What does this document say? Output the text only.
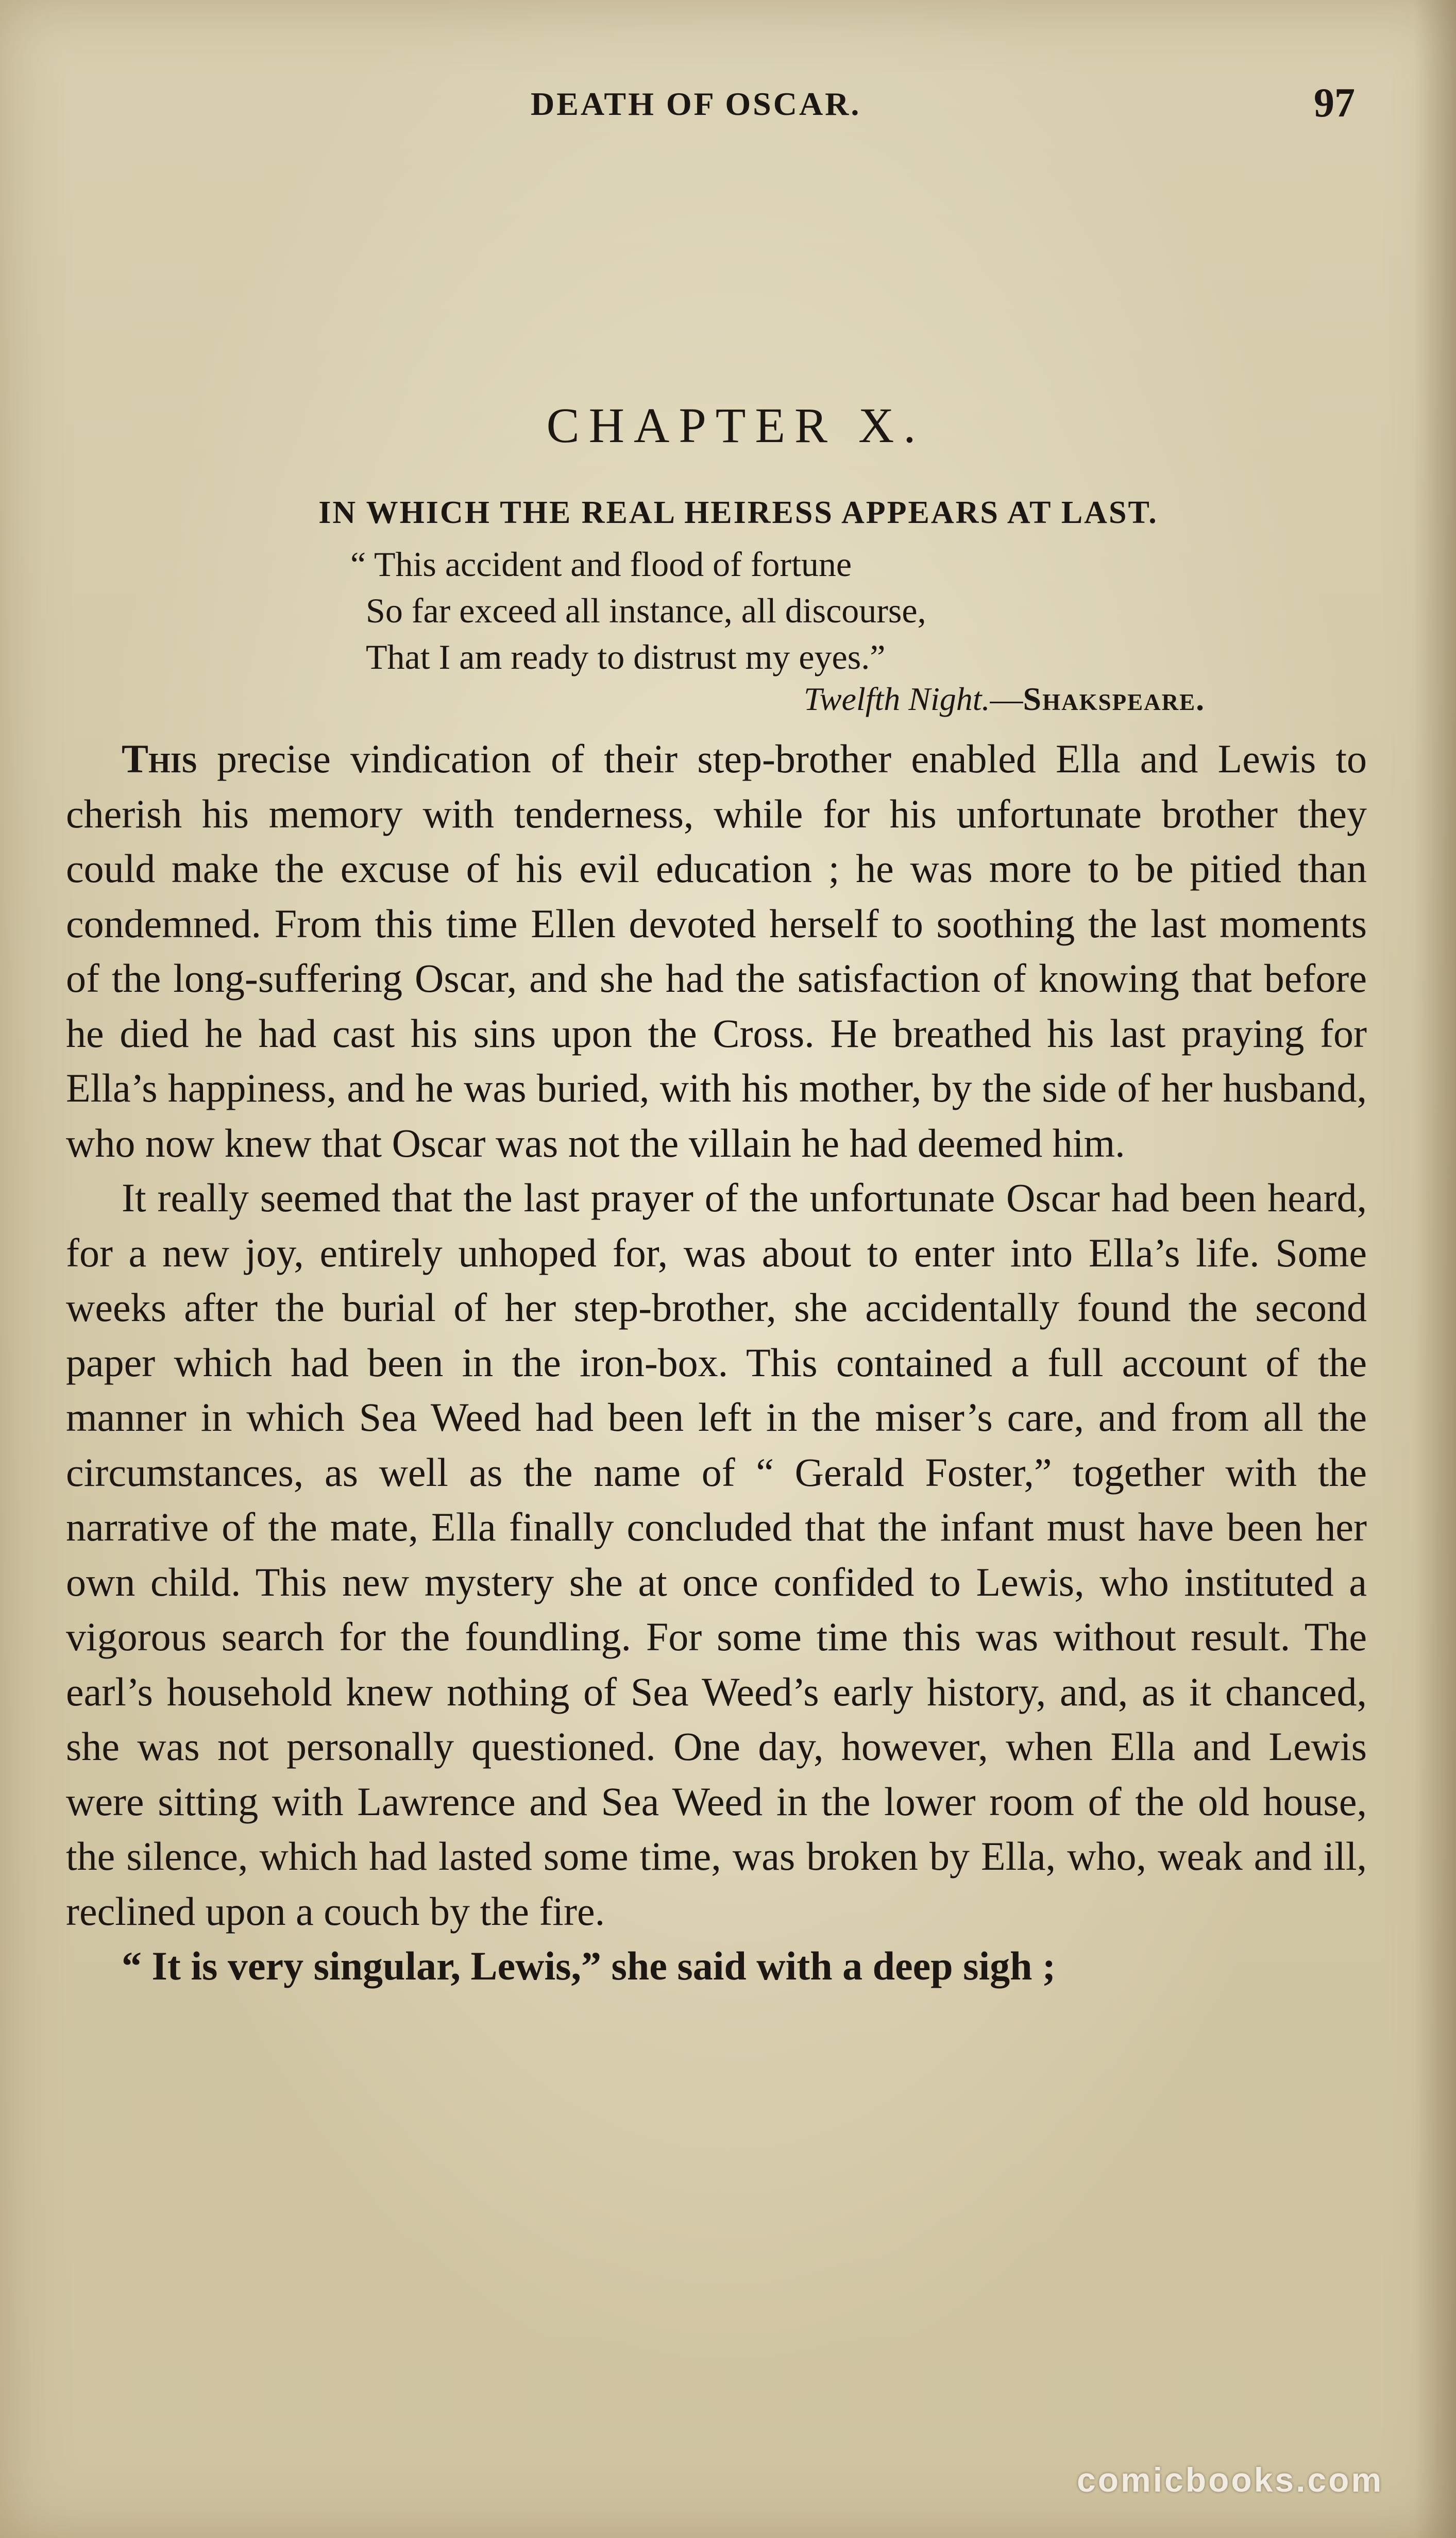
DEATH OF OSCAR.	97
CHAPTER X.
IN WHICH THE REAL HEIRESS APPEARS AT LAST.
“ This accident and flood of fortune
So far exceed all instance, all discourse,
That I am ready to distrust my eyes.”
Twelfth Night.—Shakspeare.

This precise vindication of their step-brother enabled Ella and Lewis to cherish his memory with tenderness, while for his unfortunate brother they could make the excuse of his evil education ; he was more to be pitied than condemned. From this time Ellen devoted herself to soothing the last moments of the long-suffering Oscar, and she had the satisfaction of knowing that before he died he had cast his sins upon the Cross. He breathed his last praying for Ella’s happiness, and he was buried, with his mother, by the side of her husband, who now knew that Oscar was not the villain he had deemed him.

It really seemed that the last prayer of the unfortunate Oscar had been heard, for a new joy, entirely unhoped for, was about to enter into Ella’s life. Some weeks after the burial of her step-brother, she accidentally found the second paper which had been in the iron-box. This contained a full account of the manner in which Sea Weed had been left in the miser’s care, and from all the circumstances, as well as the name of “ Gerald Foster,” together with the narrative of the mate, Ella finally concluded that the infant must have been her own child. This new mystery she at once confided to Lewis, who instituted a vigorous search for the foundling. For some time this was without result. The earl’s household knew nothing of Sea Weed’s early history, and, as it chanced, she was not personally questioned. One day, however, when Ella and Lewis were sitting with Lawrence and Sea Weed in the lower room of the old house, the silence, which had lasted some time, was broken by Ella, who, weak and ill, reclined upon a couch by the fire.

“ It is very singular, Lewis,” she said with a deep sigh ;

comicbooks.com
